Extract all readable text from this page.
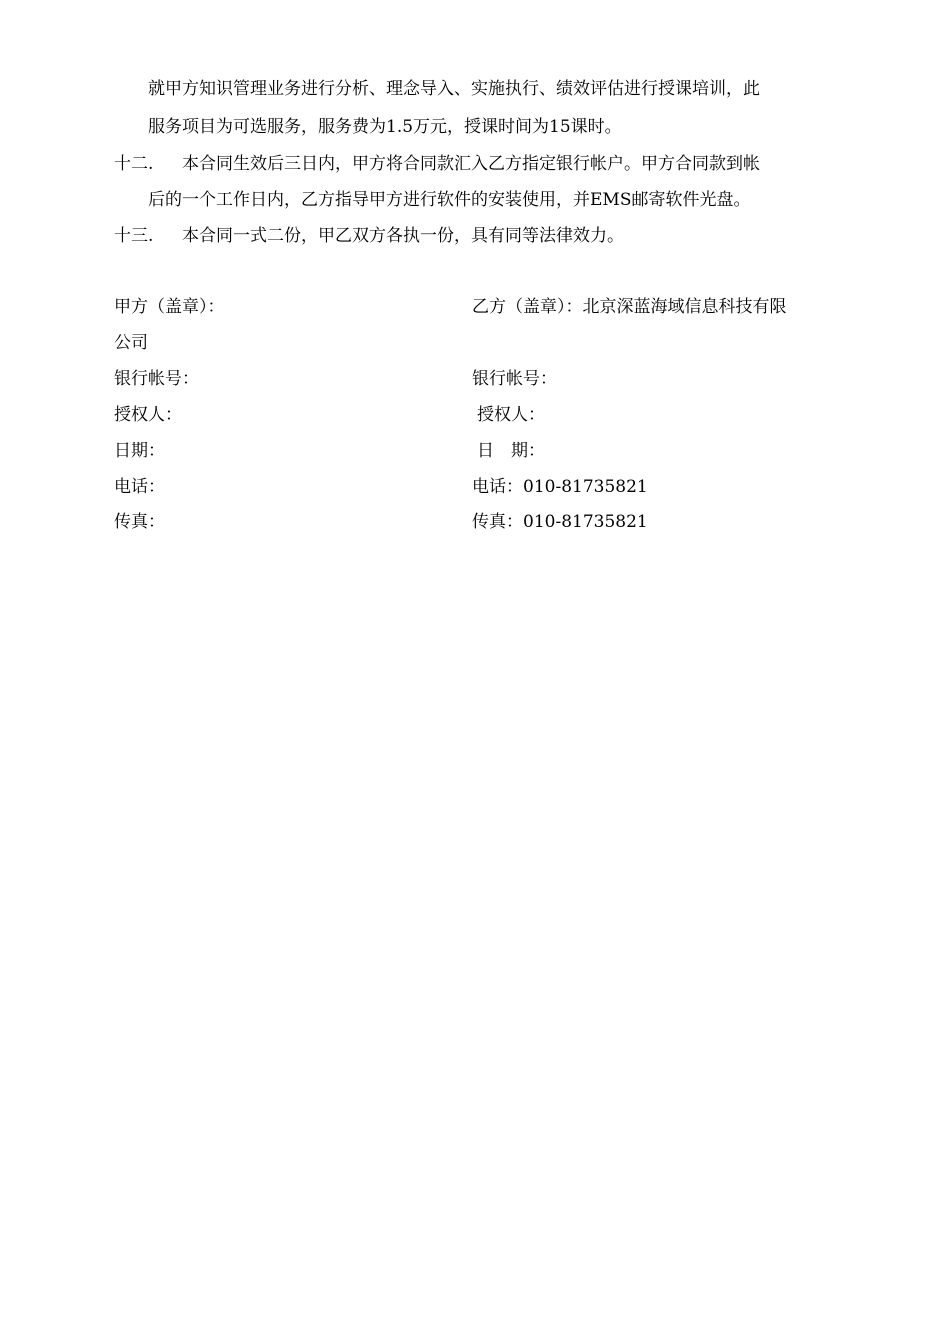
就甲方知识管理业务进行分析、理念导入、实施执行、绩效评估进行授课培训，此
服务项目为可选服务，服务费为1.5万元，授课时间为15课时。
十二. 本合同生效后三日内，甲方将合同款汇入乙方指定银行帐户。甲方合同款到帐
后的一个工作日内，乙方指导甲方进行软件的安装使用，并EMS邮寄软件光盘。
十三. 本合同一式二份，甲乙双方各执一份，具有同等法律效力。
甲方（盖章）：
银行帐号：
授权人：
日期：
电话：
传真：
乙方（盖章）：北京深蓝海域信息科技有限
公司
银行帐号：
授权人：
日　期：
电话：010-81735821
传真：010-81735821
